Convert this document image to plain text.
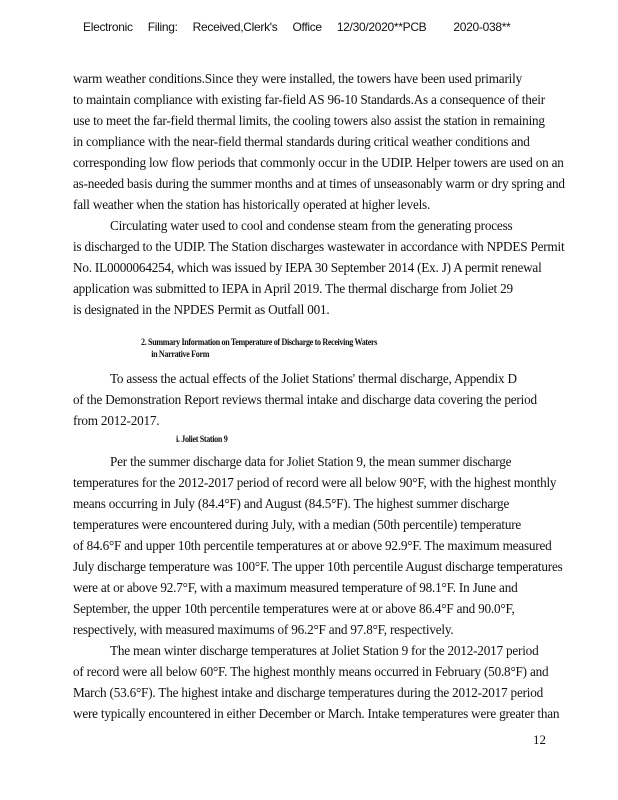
Electronic Filing: Received,Clerk's Office 12/30/2020**PCB 2020-038**
warm weather conditions.Since they were installed, the towers have been used primarily
to maintain compliance with existing far-field AS 96-10 Standards.As a consequence of their
use to meet the far-field thermal limits, the cooling towers also assist the station in remaining
in compliance with the near-field thermal standards during critical weather conditions and
corresponding low flow periods that commonly occur in the UDIP. Helper towers are used on an
as-needed basis during the summer months and at times of unseasonably warm or dry spring and
fall weather when the station has historically operated at higher levels.
Circulating water used to cool and condense steam from the generating process
is discharged to the UDIP. The Station discharges wastewater in accordance with NPDES Permit
No. IL0000064254, which was issued by IEPA 30 September 2014 (Ex. J) A permit renewal
application was submitted to IEPA in April 2019. The thermal discharge from Joliet 29
is designated in the NPDES Permit as Outfall 001.
2. Summary Information on Temperature of Discharge to Receiving Waters
in Narrative Form
To assess the actual effects of the Joliet Stations' thermal discharge, Appendix D
of the Demonstration Report reviews thermal intake and discharge data covering the period
from 2012-2017.
i. Joliet Station 9
Per the summer discharge data for Joliet Station 9, the mean summer discharge
temperatures for the 2012-2017 period of record were all below 90°F, with the highest monthly
means occurring in July (84.4°F) and August (84.5°F). The highest summer discharge
temperatures were encountered during July, with a median (50th percentile) temperature
of 84.6°F and upper 10th percentile temperatures at or above 92.9°F. The maximum measured
July discharge temperature was 100°F. The upper 10th percentile August discharge temperatures
were at or above 92.7°F, with a maximum measured temperature of 98.1°F. In June and
September, the upper 10th percentile temperatures were at or above 86.4°F and 90.0°F,
respectively, with measured maximums of 96.2°F and 97.8°F, respectively.
The mean winter discharge temperatures at Joliet Station 9 for the 2012-2017 period
of record were all below 60°F. The highest monthly means occurred in February (50.8°F) and
March (53.6°F). The highest intake and discharge temperatures during the 2012-2017 period
were typically encountered in either December or March. Intake temperatures were greater than
12
